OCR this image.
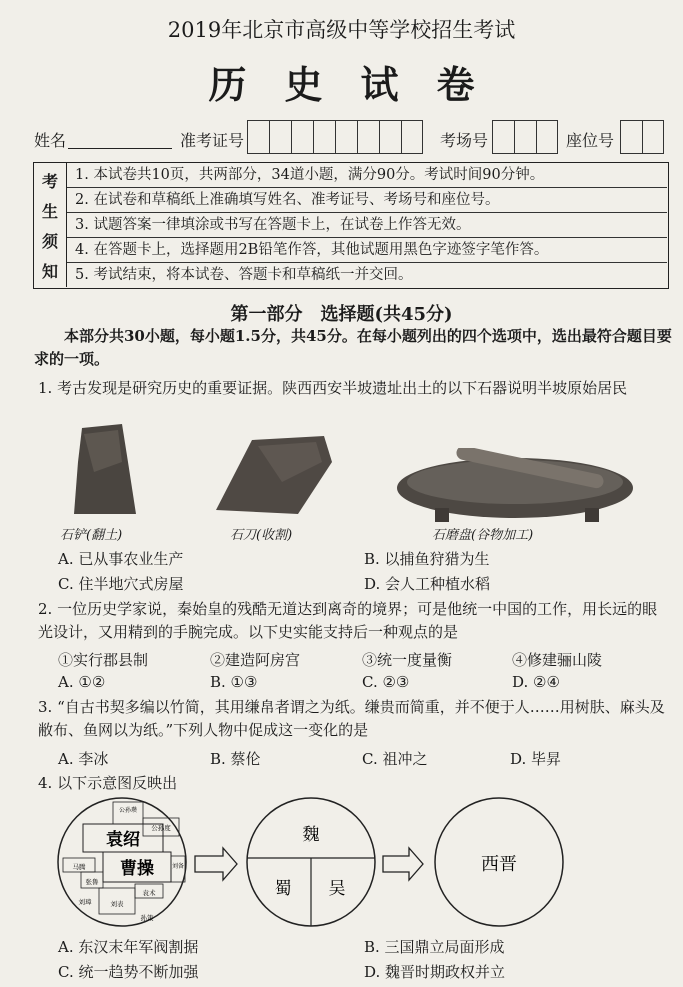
2019年北京市高级中等学校招生考试
历史试卷
姓名	准考证号	考场号	座位号
考
生
须
知
1. 本试卷共10页，共两部分，34道小题，满分90分。考试时间90分钟。
2. 在试卷和草稿纸上准确填写姓名、准考证号、考场号和座位号。
3. 试题答案一律填涂或书写在答题卡上，在试卷上作答无效。
4. 在答题卡上，选择题用2B铅笔作答，其他试题用黑色字迹签字笔作答。
5. 考试结束，将本试卷、答题卡和草稿纸一并交回。
第一部分　选择题(共45分)
本部分共30小题，每小题1.5分，共45分。在每小题列出的四个选项中，选出最符合题目要求的一项。
1. 考古发现是研究历史的重要证据。陕西西安半坡遗址出土的以下石器说明半坡原始居民
石铲(翻土)	石刀(收割)	石磨盘(谷物加工)
A. 已从事农业生产	B. 以捕鱼狩猎为生
C. 住半地穴式房屋	D. 会人工种植水稻
2. 一位历史学家说，秦始皇的残酷无道达到离奇的境界；可是他统一中国的工作，用长远的眼光设计，又用精到的手腕完成。以下史实能支持后一种观点的是
①实行郡县制	②建造阿房宫	③统一度量衡	④修建骊山陵
A. ①②	B. ①③	C. ②③	D. ②④
3. “自古书契多编以竹简，其用缣帛者谓之为纸。缣贵而简重，并不便于人……用树肤、麻头及敝布、鱼网以为纸。”下列人物中促成这一变化的是
A. 李冰	B. 蔡伦	C. 祖冲之	D. 毕昇
4. 以下示意图反映出
公孙瓒
公孙度
袁绍
曹操
马腾
张鲁
刘璋	刘表
刘备
孙策
袁术
魏
蜀 吴
西晋
A. 东汉末年军阀割据	B. 三国鼎立局面形成
C. 统一趋势不断加强	D. 魏晋时期政权并立
